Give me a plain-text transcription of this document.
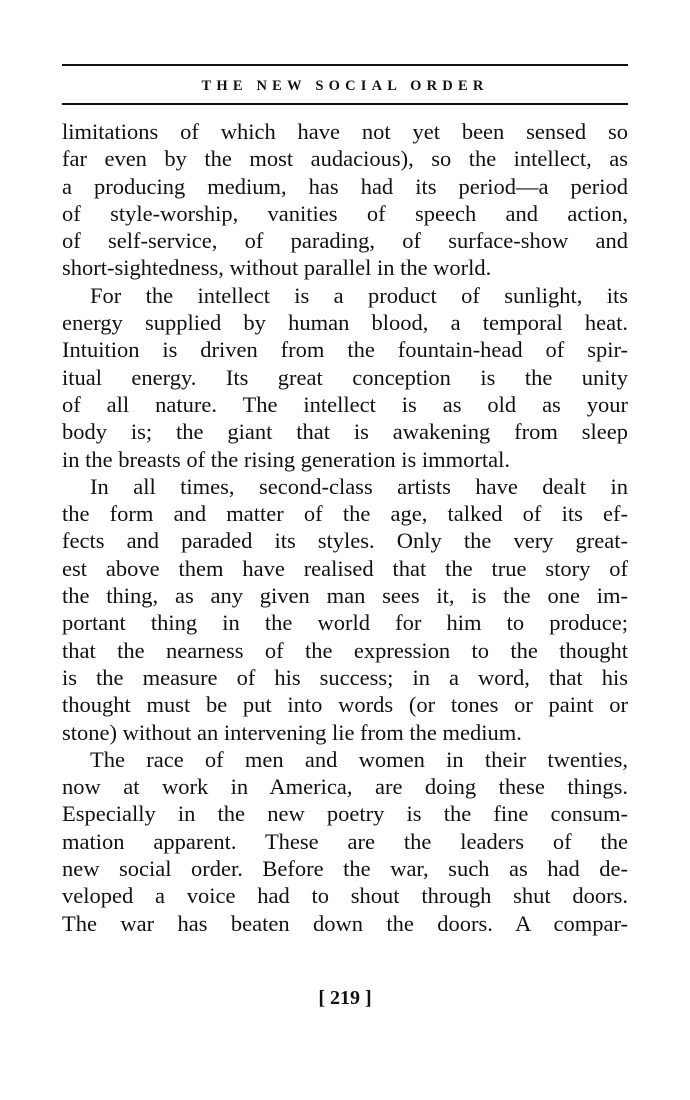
THE NEW SOCIAL ORDER
limitations of which have not yet been sensed so
far even by the most audacious), so the intellect, as
a producing medium, has had its period—a period
of style-worship, vanities of speech and action,
of self-service, of parading, of surface-show and
short-sightedness, without parallel in the world.
For the intellect is a product of sunlight, its
energy supplied by human blood, a temporal heat.
Intuition is driven from the fountain-head of spir-
itual energy. Its great conception is the unity
of all nature. The intellect is as old as your
body is; the giant that is awakening from sleep
in the breasts of the rising generation is immortal.
In all times, second-class artists have dealt in
the form and matter of the age, talked of its ef-
fects and paraded its styles. Only the very great-
est above them have realised that the true story of
the thing, as any given man sees it, is the one im-
portant thing in the world for him to produce;
that the nearness of the expression to the thought
is the measure of his success; in a word, that his
thought must be put into words (or tones or paint or
stone) without an intervening lie from the medium.
The race of men and women in their twenties,
now at work in America, are doing these things.
Especially in the new poetry is the fine consum-
mation apparent. These are the leaders of the
new social order. Before the war, such as had de-
veloped a voice had to shout through shut doors.
The war has beaten down the doors. A compar-
[ 219 ]
